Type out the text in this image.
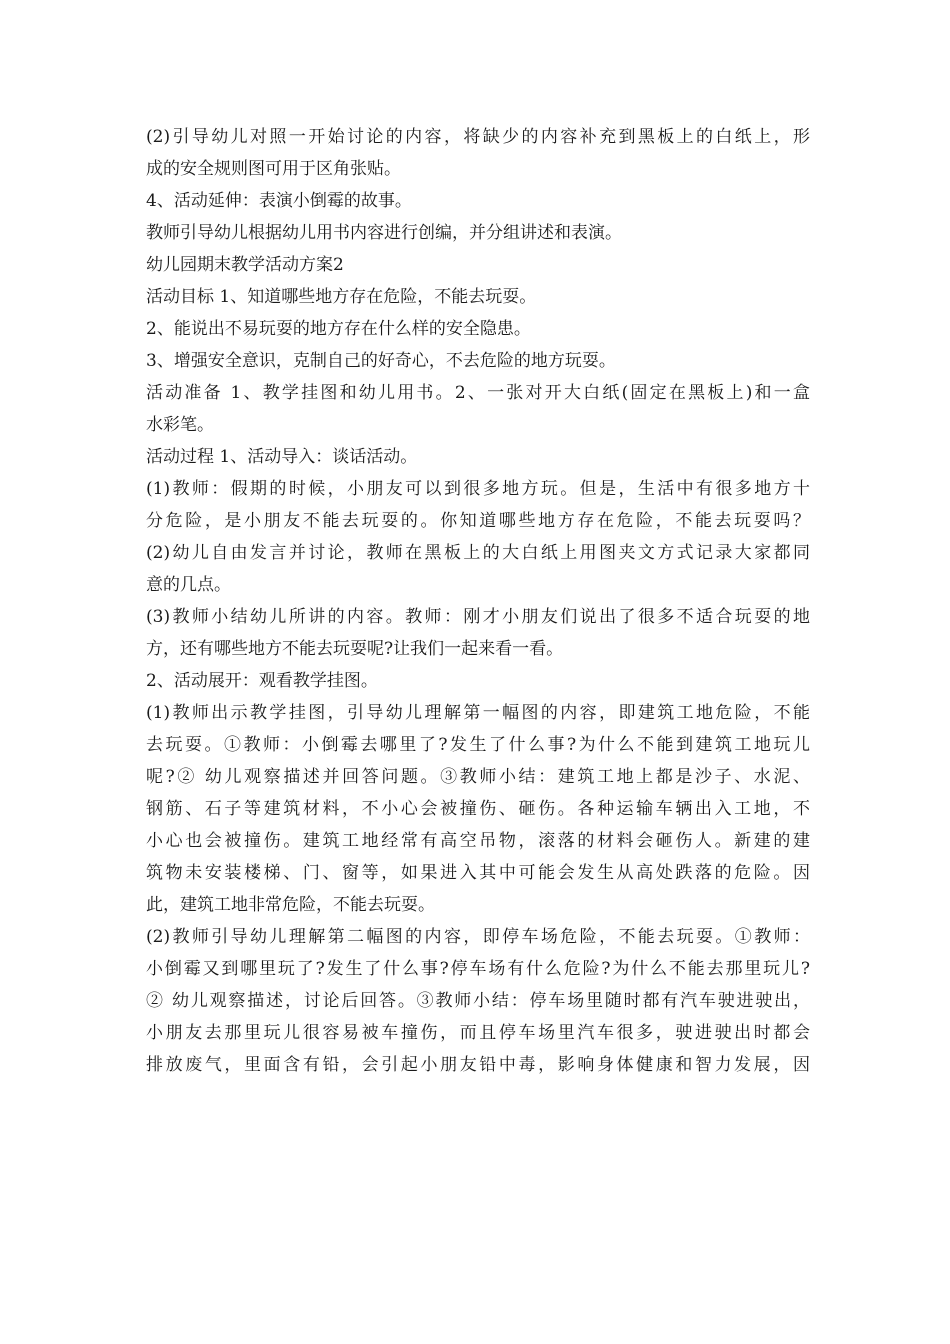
(2)引导幼儿对照一开始讨论的内容，将缺少的内容补充到黑板上的白纸上，形
成的安全规则图可用于区角张贴。
4、活动延伸：表演小倒霉的故事。
教师引导幼儿根据幼儿用书内容进行创编，并分组讲述和表演。
幼儿园期末教学活动方案2
活动目标 1、知道哪些地方存在危险，不能去玩耍。
2、能说出不易玩耍的地方存在什么样的安全隐患。
3、增强安全意识，克制自己的好奇心，不去危险的地方玩耍。
活动准备 1、教学挂图和幼儿用书。2、一张对开大白纸(固定在黑板上)和一盒
水彩笔。
活动过程 1、活动导入：谈话活动。
(1)教师：假期的时候，小朋友可以到很多地方玩。但是，生活中有很多地方十
分危险，是小朋友不能去玩耍的。你知道哪些地方存在危险，不能去玩耍吗？
(2)幼儿自由发言并讨论，教师在黑板上的大白纸上用图夹文方式记录大家都同
意的几点。
(3)教师小结幼儿所讲的内容。教师：刚才小朋友们说出了很多不适合玩耍的地
方，还有哪些地方不能去玩耍呢?让我们一起来看一看。
2、活动展开：观看教学挂图。
(1)教师出示教学挂图，引导幼儿理解第一幅图的内容，即建筑工地危险，不能
去玩耍。①教师：小倒霉去哪里了?发生了什么事?为什么不能到建筑工地玩儿
呢?② 幼儿观察描述并回答问题。③教师小结：建筑工地上都是沙子、水泥、
钢筋、石子等建筑材料，不小心会被撞伤、砸伤。各种运输车辆出入工地，不
小心也会被撞伤。建筑工地经常有高空吊物，滚落的材料会砸伤人。新建的建
筑物未安装楼梯、门、窗等，如果进入其中可能会发生从高处跌落的危险。因
此，建筑工地非常危险，不能去玩耍。
(2)教师引导幼儿理解第二幅图的内容，即停车场危险，不能去玩耍。①教师：
小倒霉又到哪里玩了?发生了什么事?停车场有什么危险?为什么不能去那里玩儿?
② 幼儿观察描述，讨论后回答。③教师小结：停车场里随时都有汽车驶进驶出，
小朋友去那里玩儿很容易被车撞伤，而且停车场里汽车很多，驶进驶出时都会
排放废气，里面含有铅，会引起小朋友铅中毒，影响身体健康和智力发展，因
